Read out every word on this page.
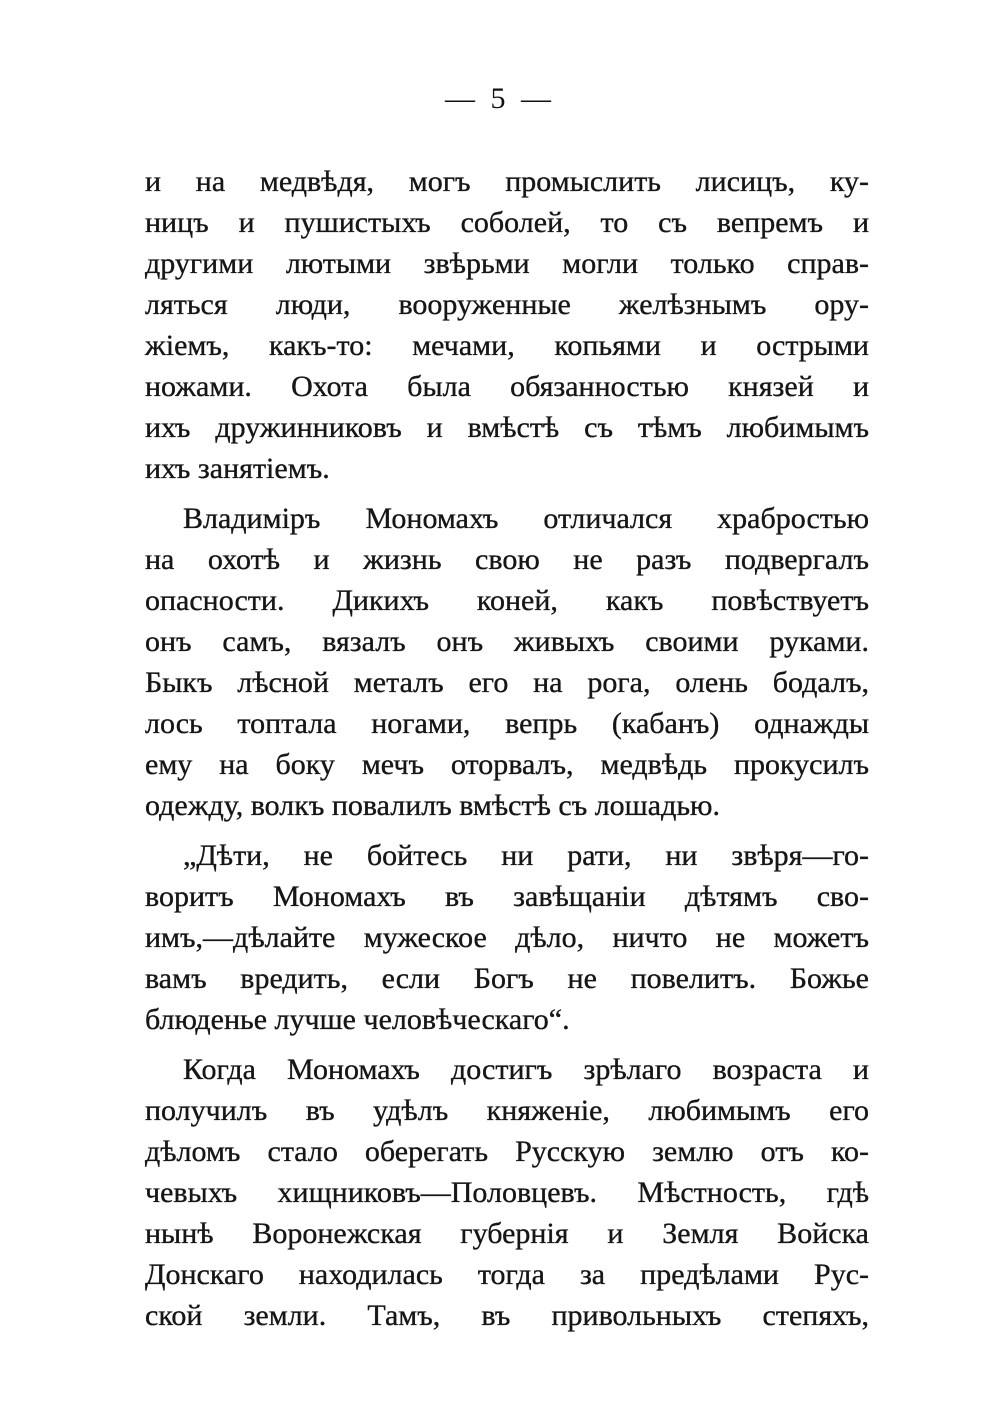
— 5 —
и на медвѣдя, могъ промыслить лисицъ, ку-
ницъ и пушистыхъ соболей, то съ вепремъ и
другими лютыми звѣрьми могли только справ-
ляться люди, вооруженные желѣзнымъ ору-
жіемъ, какъ-то: мечами, копьями и острыми
ножами. Охота была обязанностью князей и
ихъ дружинниковъ и вмѣстѣ съ тѣмъ любимымъ
ихъ занятіемъ.
Владиміръ Мономахъ отличался храбростью
на охотѣ и жизнь свою не разъ подвергалъ
опасности. Дикихъ коней, какъ повѣствуетъ
онъ самъ, вязалъ онъ живыхъ своими руками.
Быкъ лѣсной металъ его на рога, олень бодалъ,
лось топтала ногами, вепрь (кабанъ) однажды
ему на боку мечъ оторвалъ, медвѣдь прокусилъ
одежду, волкъ повалилъ вмѣстѣ съ лошадью.
„Дѣти, не бойтесь ни рати, ни звѣря—го-
воритъ Мономахъ въ завѣщаніи дѣтямъ сво-
имъ,—дѣлайте мужеское дѣло, ничто не можетъ
вамъ вредить, если Богъ не повелитъ. Божье
блюденье лучше человѣческаго“.
Когда Мономахъ достигъ зрѣлаго возраста и
получилъ въ удѣлъ княженіе, любимымъ его
дѣломъ стало оберегать Русскую землю отъ ко-
чевыхъ хищниковъ—Половцевъ. Мѣстность, гдѣ
нынѣ Воронежская губернія и Земля Войска
Донскаго находилась тогда за предѣлами Рус-
ской земли. Тамъ, въ привольныхъ степяхъ,
